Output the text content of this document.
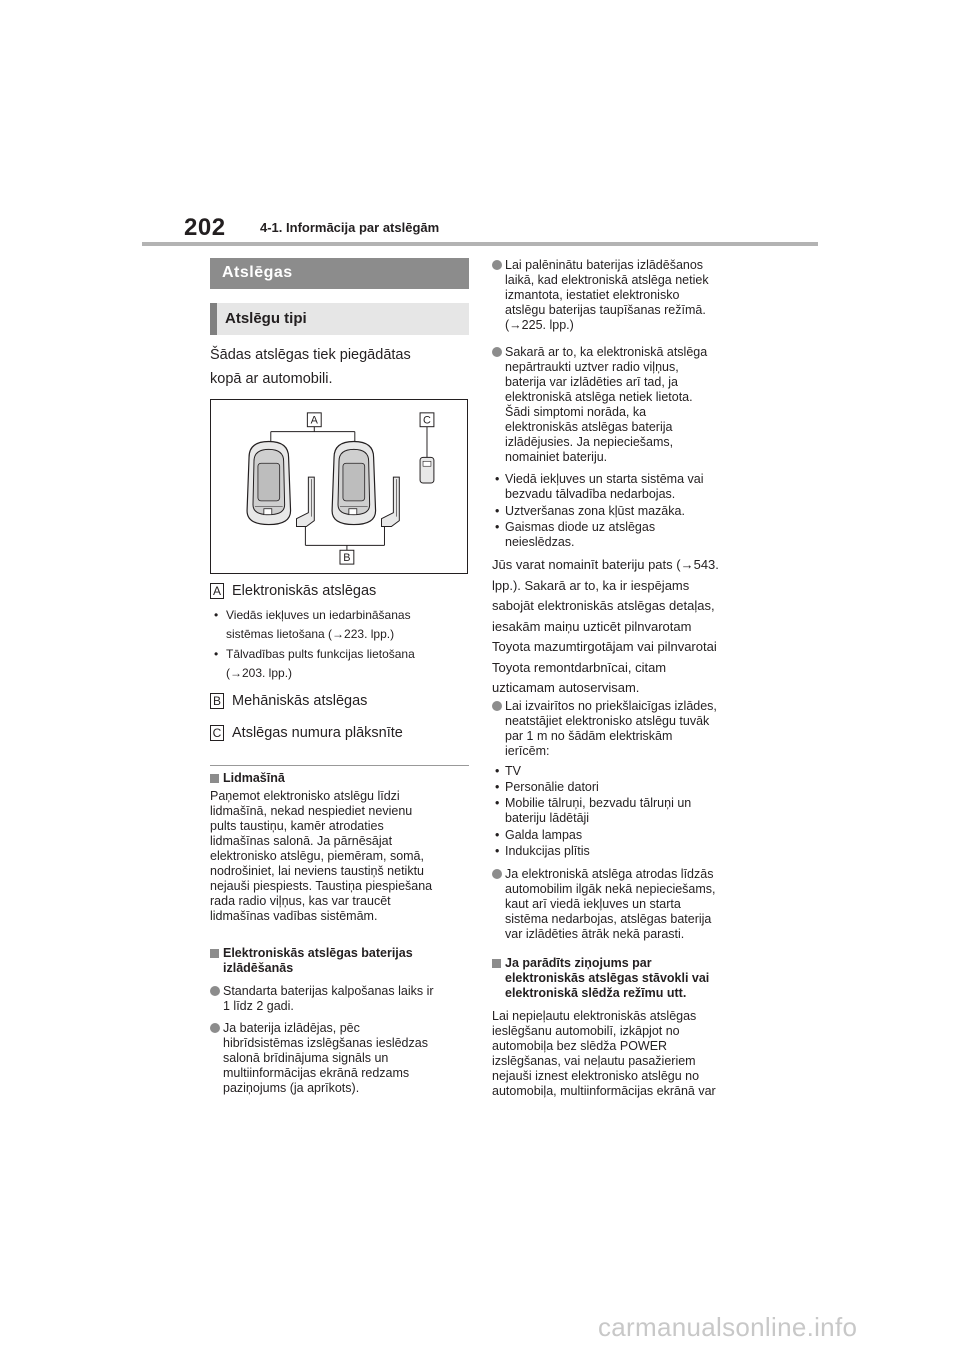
202	4-1. Informācija par atslēgām
Atslēgas
Atslēgu tipi
Šādas atslēgas tiek piegādātas
kopā ar automobili.
A	C
B
A Elektroniskās atslēgas
• Viedās iekļuves un iedarbināšanas
sistēmas lietošana (→223. lpp.)
• Tālvadības pults funkcijas lietošana
(→203. lpp.)
B Mehāniskās atslēgas
C Atslēgas numura plāksnīte
Lidmašīnā
Paņemot elektronisko atslēgu līdzi
lidmašīnā, nekad nespiediet nevienu
pults taustiņu, kamēr atrodaties
lidmašīnas salonā. Ja pārnēsājat
elektronisko atslēgu, piemēram, somā,
nodrošiniet, lai neviens taustiņš netiktu
nejauši piespiests. Taustiņa piespiešana
rada radio viļņus, kas var traucēt
lidmašīnas vadības sistēmām.
Elektroniskās atslēgas baterijas
izlādēšanās
Standarta baterijas kalpošanas laiks ir
1 līdz 2 gadi.
Ja baterija izlādējas, pēc
hibrīdsistēmas izslēgšanas ieslēdzas
salonā brīdinājuma signāls un
multiinformācijas ekrānā redzams
paziņojums (ja aprīkots).
Lai palēninātu baterijas izlādēšanos
laikā, kad elektroniskā atslēga netiek
izmantota, iestatiet elektronisko
atslēgu baterijas taupīšanas režīmā.
(→225. lpp.)
Sakarā ar to, ka elektroniskā atslēga
nepārtraukti uztver radio viļņus,
baterija var izlādēties arī tad, ja
elektroniskā atslēga netiek lietota.
Šādi simptomi norāda, ka
elektroniskās atslēgas baterija
izlādējusies. Ja nepieciešams,
nomainiet bateriju.
• Viedā iekļuves un starta sistēma vai
bezvadu tālvadība nedarbojas.
• Uztveršanas zona kļūst mazāka.
• Gaismas diode uz atslēgas
neieslēdzas.
Jūs varat nomainīt bateriju pats (→543.
lpp.). Sakarā ar to, ka ir iespējams
sabojāt elektroniskās atslēgas detaļas,
iesakām maiņu uzticēt pilnvarotam
Toyota mazumtirgotājam vai pilnvarotai
Toyota remontdarbnīcai, citam
uzticamam autoservisam.
Lai izvairītos no priekšlaicīgas izlādes,
neatstājiet elektronisko atslēgu tuvāk
par 1 m no šādām elektriskām
ierīcēm:
• TV
• Personālie datori
• Mobilie tālruņi, bezvadu tālruņi un
bateriju lādētāji
• Galda lampas
• Indukcijas plītis
Ja elektroniskā atslēga atrodas līdzās
automobilim ilgāk nekā nepieciešams,
kaut arī viedā iekļuves un starta
sistēma nedarbojas, atslēgas baterija
var izlādēties ātrāk nekā parasti.
Ja parādīts ziņojums par
elektroniskās atslēgas stāvokli vai
elektroniskā slēdža režīmu utt.
Lai nepieļautu elektroniskās atslēgas
ieslēgšanu automobilī, izkāpjot no
automobiļa bez slēdža POWER
izslēgšanas, vai neļautu pasažieriem
nejauši iznest elektronisko atslēgu no
automobiļa, multiinformācijas ekrānā var
carmanualsonline.info
